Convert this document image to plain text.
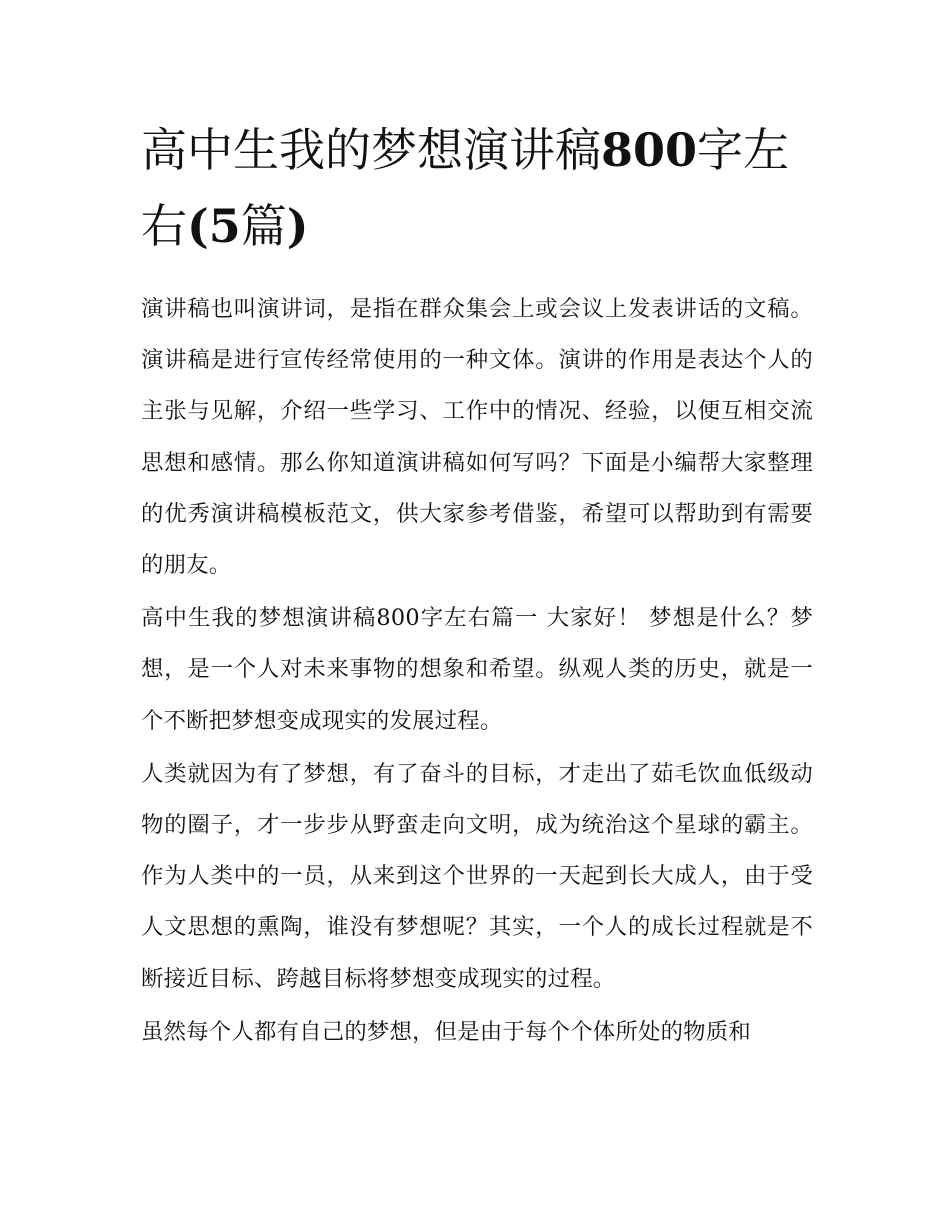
高中生我的梦想演讲稿800字左右(5篇)

演讲稿也叫演讲词，是指在群众集会上或会议上发表讲话的文稿。演讲稿是进行宣传经常使用的一种文体。演讲的作用是表达个人的主张与见解，介绍一些学习、工作中的情况、经验，以便互相交流思想和感情。那么你知道演讲稿如何写吗？下面是小编帮大家整理的优秀演讲稿模板范文，供大家参考借鉴，希望可以帮助到有需要的朋友。

高中生我的梦想演讲稿800字左右篇一 大家好！ 梦想是什么？梦想，是一个人对未来事物的想象和希望。纵观人类的历史，就是一个不断把梦想变成现实的发展过程。

人类就因为有了梦想，有了奋斗的目标，才走出了茹毛饮血低级动物的圈子，才一步步从野蛮走向文明，成为统治这个星球的霸主。作为人类中的一员，从来到这个世界的一天起到长大成人，由于受人文思想的熏陶，谁没有梦想呢？其实，一个人的成长过程就是不断接近目标、跨越目标将梦想变成现实的过程。

虽然每个人都有自己的梦想，但是由于每个个体所处的物质和
